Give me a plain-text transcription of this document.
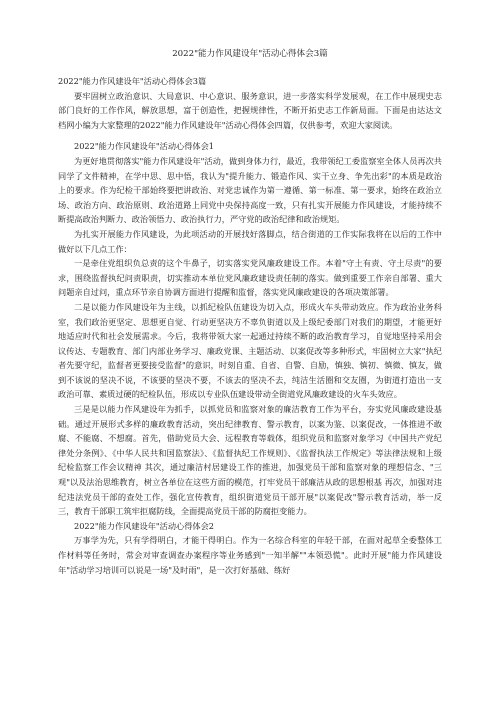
2022"能力作风建设年"活动心得体会3篇

2022"能力作风建设年"活动心得体会3篇

要牢固树立政治意识、大局意识、中心意识、服务意识，进一步落实科学发展观，在工作中展现史志部门良好的工作作风，解放思想，富于创造性，把握规律性，不断开拓史志工作新局面。下面是由达达文档网小编为大家整理的2022"能力作风建设年"活动心得体会四篇，仅供参考，欢迎大家阅读。

2022"能力作风建设年"活动心得体会1

为更好地贯彻落实"能力作风建设年"活动，做到身体力行，最近，我带领纪工委监察室全体人员再次共同学了文件精神，在学中思、思中悟，我认为"提升能力、锻造作风、实干立身、争先出彩"的本质是政治上的要求。作为纪检干部始终要把讲政治、对党忠诚作为第一遵循、第一标准、第一要求，始终在政治立场、政治方向、政治原则、政治道路上同党中央保持高度一致，只有扎实开展能力作风建设，才能持续不断提高政治判断力、政治领悟力、政治执行力，严守党的政治纪律和政治规矩。

为扎实开展能力作风建设，为此项活动的开展找好落脚点，结合街道的工作实际我将在以后的工作中做好以下几点工作：

一是牵住党组织负总责的这个牛鼻子，切实落实党风廉政建设工作。本着"守土有责、守土尽责"的要求，围绕监督执纪问责职责，切实推动本单位党风廉政建设责任制的落实。做到重要工作亲自部署、重大问题亲自过问，重点环节亲自协调方面进行提醒和监督，落实党风廉政建设的各项决策部署。

二是以能力作风建设年为主线，以抓纪检队伍建设为切入点，形成火车头带动效应。作为政治业务科室，我们政治更坚定、思想更自觉、行动更坚决方不辜负街道以及上级纪委部门对我们的期望，才能更好地适应时代和社会发展需求。今后，我将带领大家一起通过持续不断的政治教育学习，自觉地坚持采用会议传达、专题教育、部门内部业务学习、廉政党课、主题活动、以案促改等多种形式，牢固树立大家"执纪者先要守纪，监督者更要接受监督"的意识，时刻自重、自省、自警、自励，慎独、慎初、慎微、慎友，做到不该说的坚决不说，不该要的坚决不要，不该去的坚决不去，纯洁生活圈和交友圈，为街道打造出一支政治可靠、素质过硬的纪检队伍，形成以专业队伍建设带动全街道党风廉政建设的火车头效应。

三是是以能力作风建设年为抓手，以抓党员和监察对象的廉洁教育工作为平台，夯实党风廉政建设基础。通过开展形式多样的廉政教育活动，突出纪律教育、警示教育，以案为鉴、以案促改，一体推进不敢腐、不能腐、不想腐。首先，借助党员大会、远程教育等载体，组织党员和监察对象学习《中国共产党纪律处分条例》、《中华人民共和国监察法》、《监督执纪工作规则》、《监督执法工作规定》等法律法规和上级纪检监察工作会议精神 其次，通过廉洁村居建设工作的推进，加强党员干部和监察对象的理想信念、"三观"以及法治思维教育，树立各单位在这些方面的模范，打牢党员干部廉洁从政的思想根基 再次，加强对违纪违法党员干部的查处工作，强化宣传教育，组织街道党员干部开展"以案促改"警示教育活动，举一反三，教育干部职工筑牢拒腐防线，全面提高党员干部的防腐拒变能力。

2022"能力作风建设年"活动心得体会2

万事学为先，只有学得明白，才能干得明白。作为一名综合科室的年轻干部，在面对起草全委整体工作材料等任务时，常会对审查调查办案程序等业务感到"一知半解""本领恐慌"。此时开展"能力作风建设年"活动学习培训可以说是一场"及时雨"，是一次打好基础、练好
